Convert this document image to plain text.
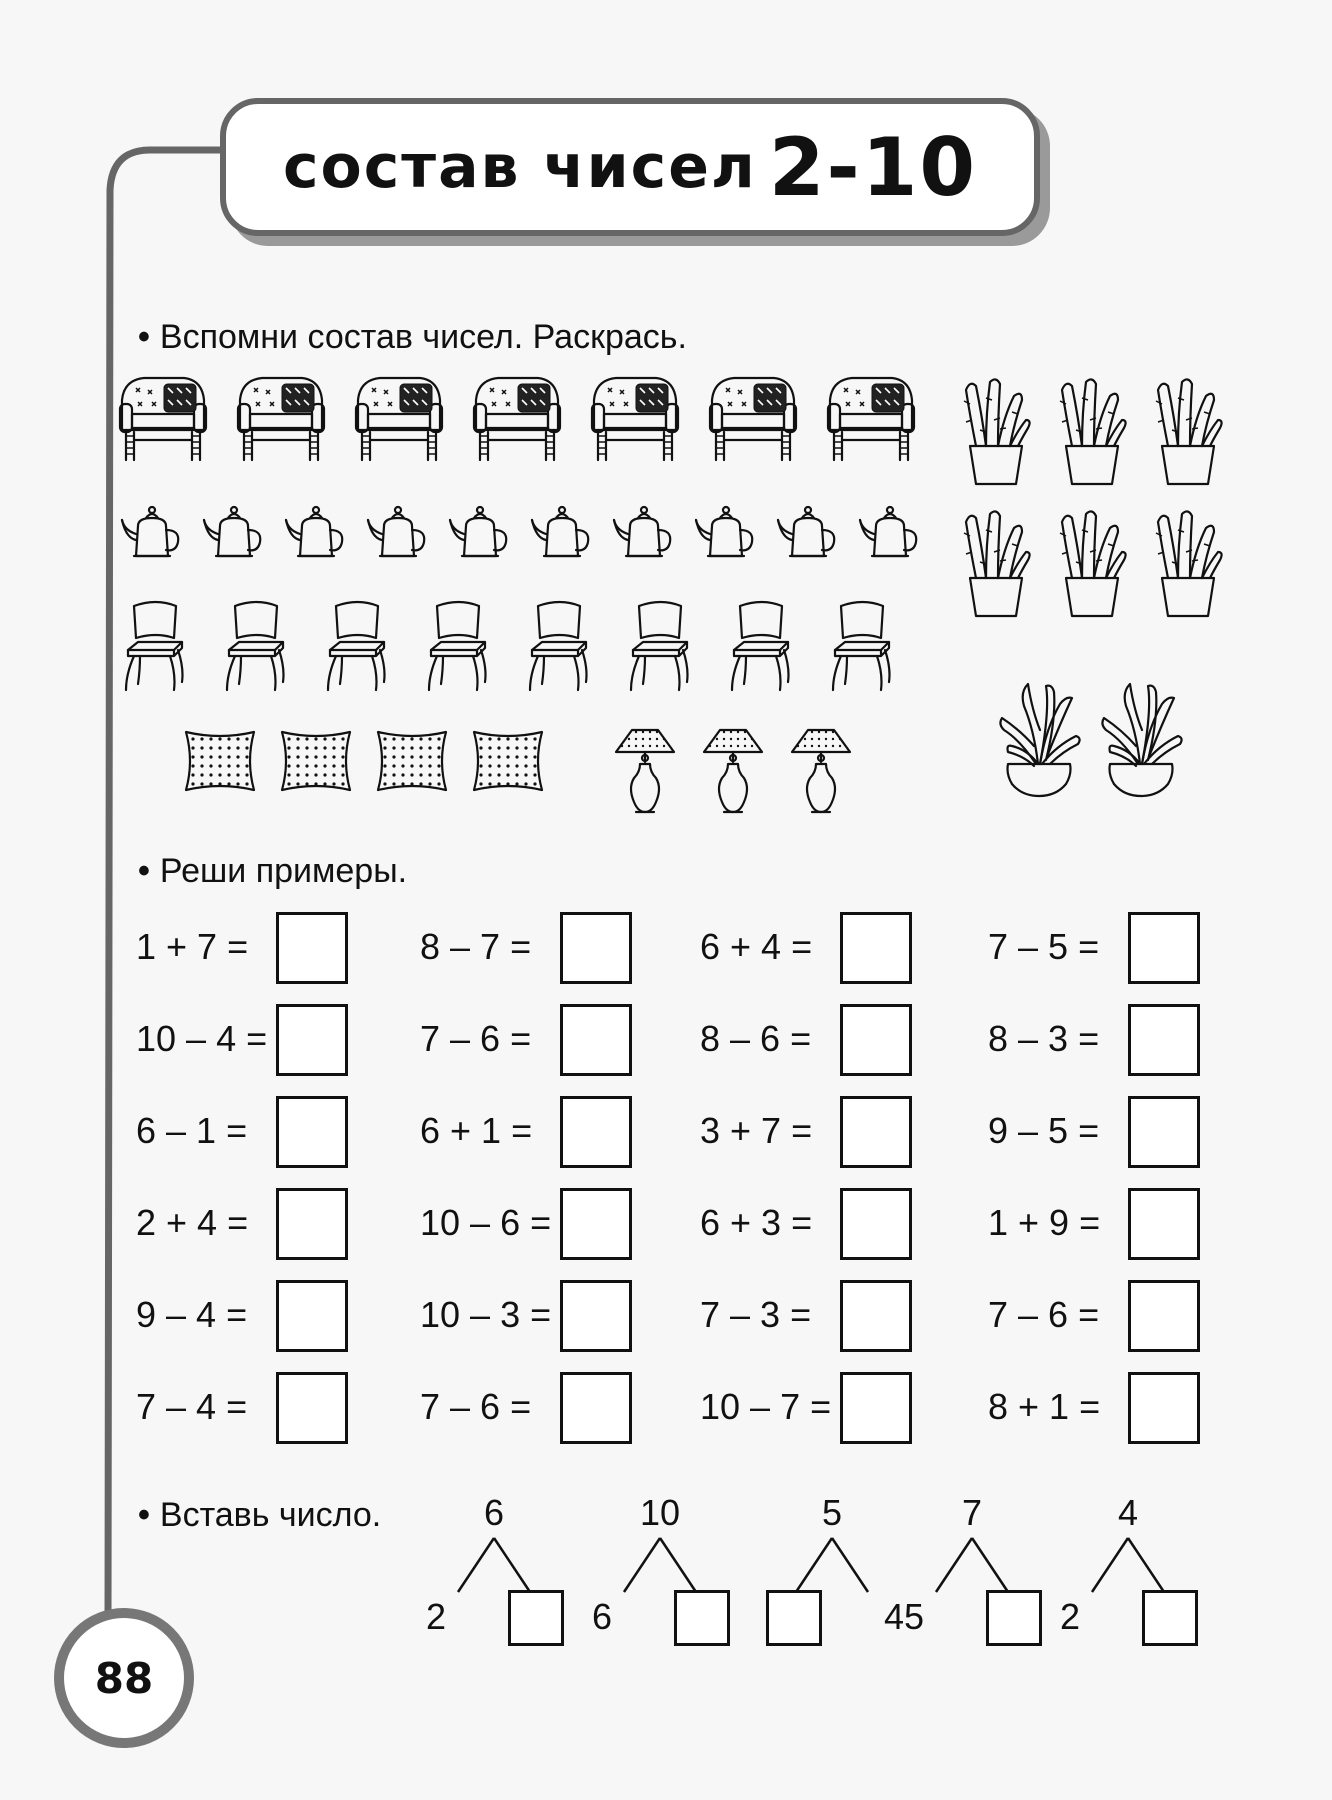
состав чисел 2-10
• Вспомни состав чисел. Раскрась.
• Реши примеры.
1 + 7 =	8 – 7 =	6 + 4 =	7 – 5 =
10 – 4 =	7 – 6 =	8 – 6 =	8 – 3 =
6 – 1 =	6 + 1 =	3 + 7 =	9 – 5 =
2 + 4 =	10 – 6 =	6 + 3 =	1 + 9 =
9 – 4 =	10 – 3 =	7 – 3 =	7 – 6 =
7 – 4 =	7 – 6 =	10 – 7 =	8 + 1 =
• Вставь число.	6
2
10
6
5
4
7
5
4
2
88
